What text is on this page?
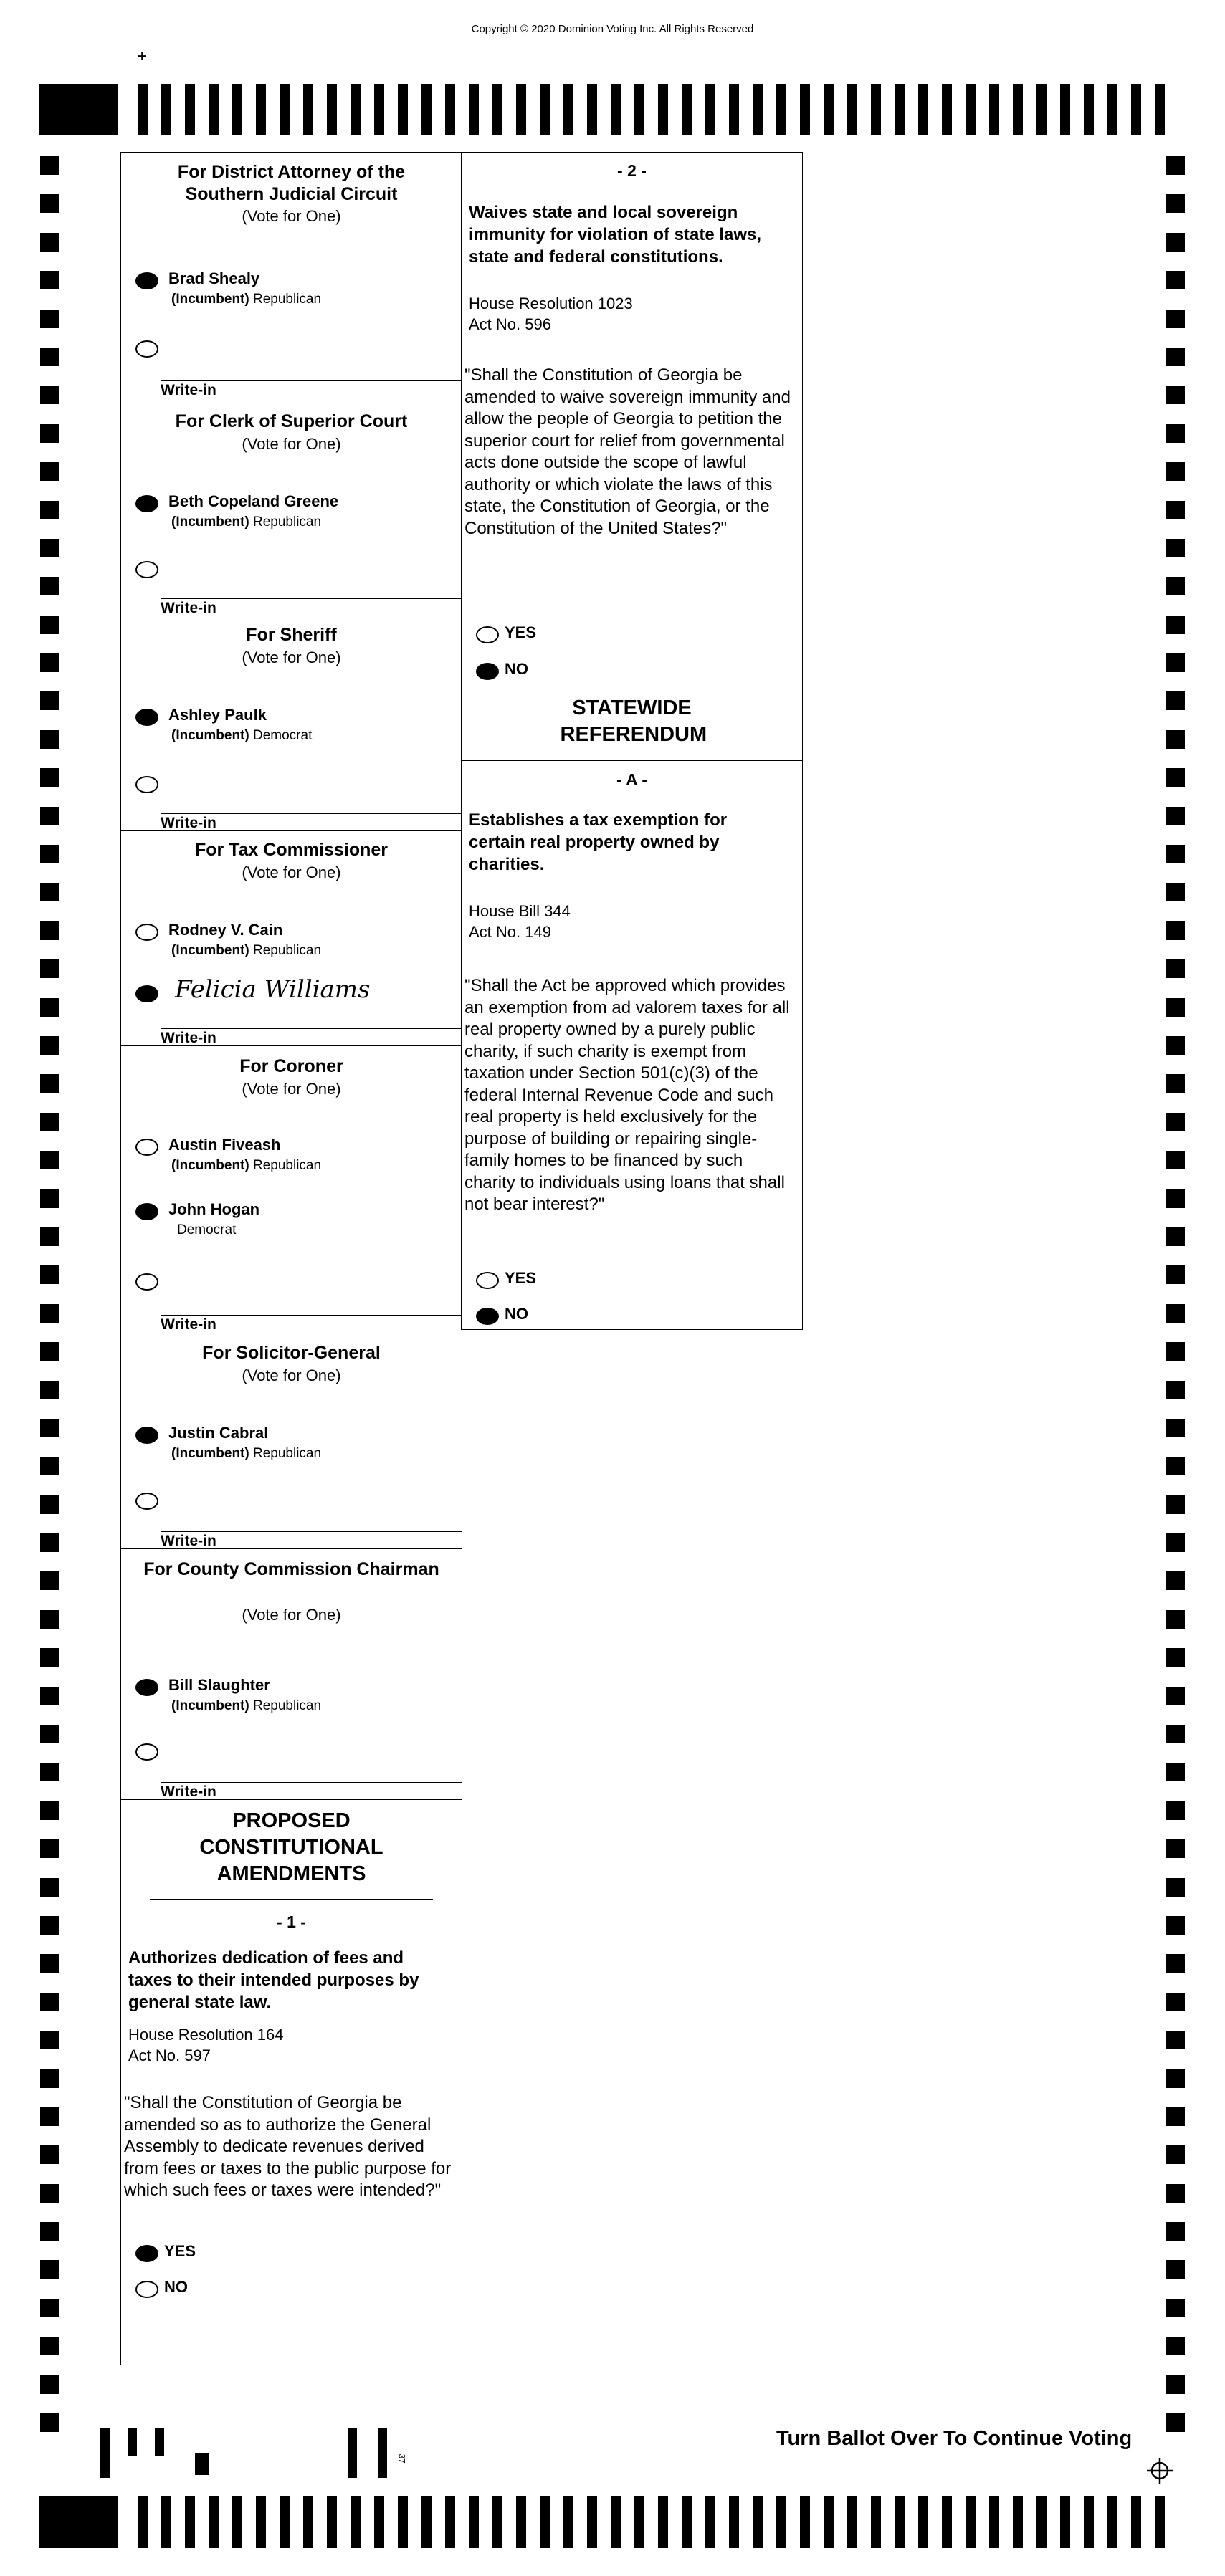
Copyright © 2020 Dominion Voting Inc. All Rights Reserved
+
For District Attorney of the Southern Judicial Circuit
(Vote for One)
Brad Shealy
(Incumbent) Republican
Write-in
For Clerk of Superior Court
(Vote for One)
Beth Copeland Greene
(Incumbent) Republican
Write-in
For Sheriff
(Vote for One)
Ashley Paulk
(Incumbent) Democrat
Write-in
For Tax Commissioner
(Vote for One)
Rodney V. Cain
(Incumbent) Republican
Felicia Williams
Write-in
For Coroner
(Vote for One)
Austin Fiveash
(Incumbent) Republican
John Hogan
Democrat
Write-in
For Solicitor-General
(Vote for One)
Justin Cabral
(Incumbent) Republican
Write-in
For County Commission Chairman
(Vote for One)
Bill Slaughter
(Incumbent) Republican
Write-in
PROPOSED CONSTITUTIONAL AMENDMENTS
- 1 -
Authorizes dedication of fees and taxes to their intended purposes by general state law.
House Resolution 164
Act No. 597
"Shall the Constitution of Georgia be amended so as to authorize the General Assembly to dedicate revenues derived from fees or taxes to the public purpose for which such fees or taxes were intended?"
YES
NO
- 2 -
Waives state and local sovereign immunity for violation of state laws, state and federal constitutions.
House Resolution 1023
Act No. 596
"Shall the Constitution of Georgia be amended to waive sovereign immunity and allow the people of Georgia to petition the superior court for relief from governmental acts done outside the scope of lawful authority or which violate the laws of this state, the Constitution of Georgia, or the Constitution of the United States?"
YES
NO
STATEWIDE REFERENDUM
- A -
Establishes a tax exemption for certain real property owned by charities.
House Bill 344
Act No. 149
"Shall the Act be approved which provides an exemption from ad valorem taxes for all real property owned by a purely public charity, if such charity is exempt from taxation under Section 501(c)(3) of the federal Internal Revenue Code and such real property is held exclusively for the purpose of building or repairing single-family homes to be financed by such charity to individuals using loans that shall not bear interest?"
YES
NO
37
Turn Ballot Over To Continue Voting
